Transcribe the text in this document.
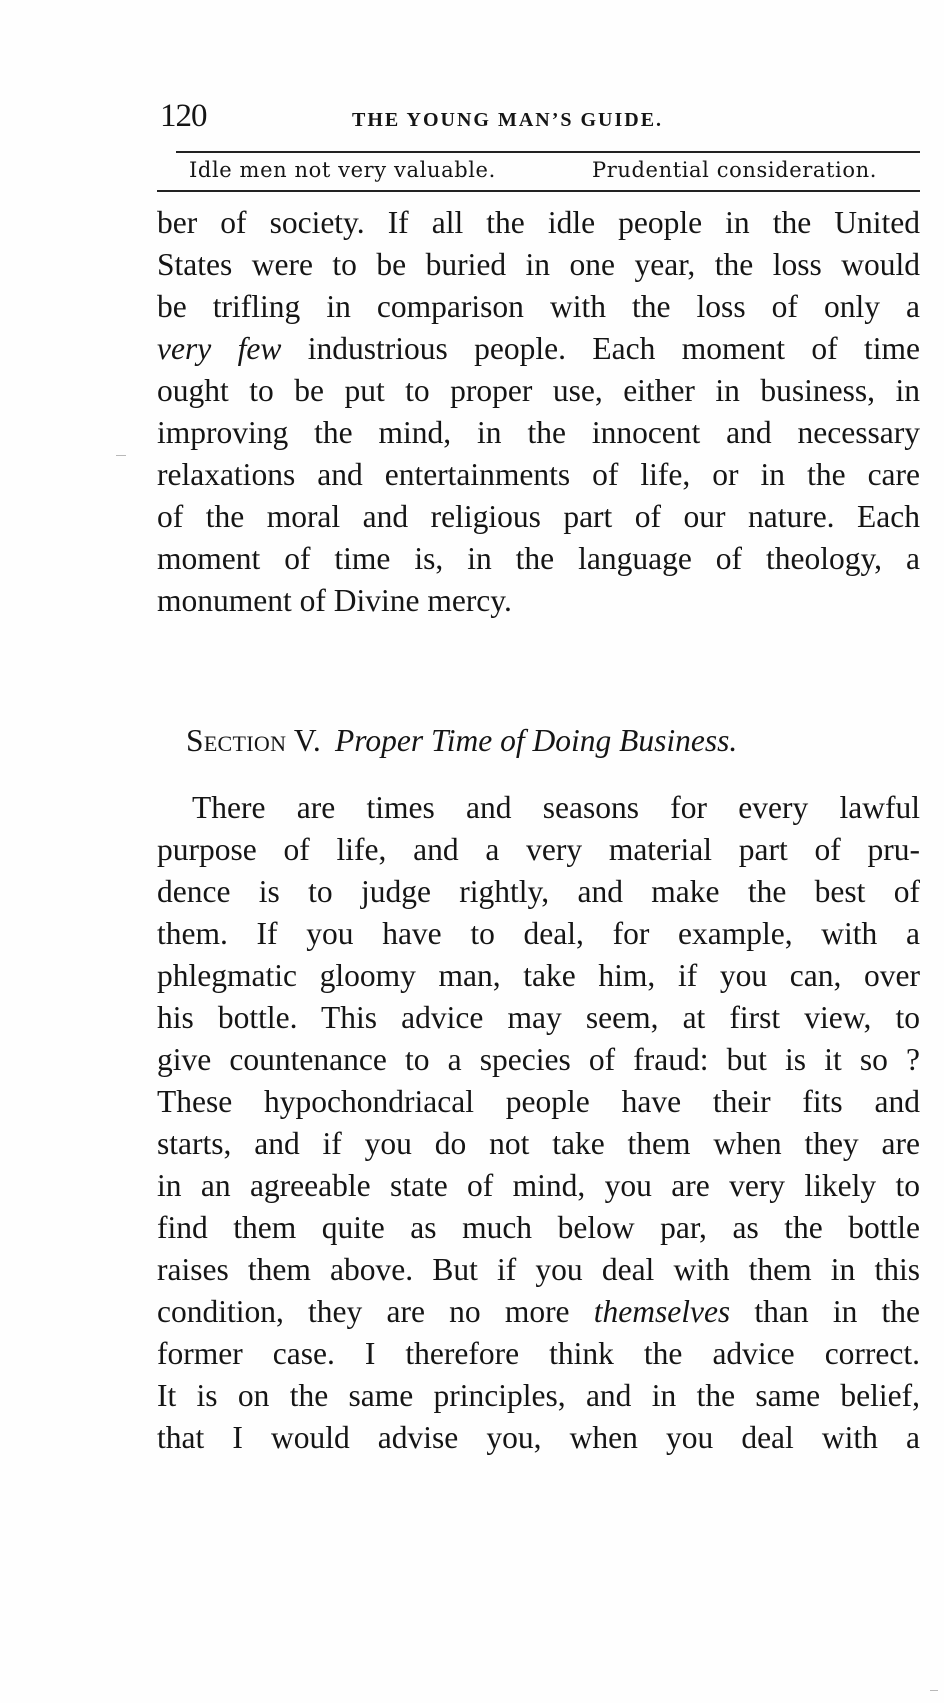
120	THE YOUNG MAN’S GUIDE.
Idle men not very valuable.	Prudential consideration.
ber of society. If all the idle people in the United States were to be buried in one year, the loss would be trifling in comparison with the loss of only a very few industrious people. Each moment of time ought to be put to proper use, either in business, in improving the mind, in the innocent and necessary relaxations and entertainments of life, or in the care of the moral and religious part of our nature. Each moment of time is, in the language of theology, a monument of Divine mercy.
Section V. Proper Time of Doing Business.
There are times and seasons for every lawful
purpose of life, and a very material part of pru-
dence is to judge rightly, and make the best of
them. If you have to deal, for example, with a
phlegmatic gloomy man, take him, if you can, over
his bottle. This advice may seem, at first view, to
give countenance to a species of fraud: but is it so ?
These hypochondriacal people have their fits and
starts, and if you do not take them when they are
in an agreeable state of mind, you are very likely to
find them quite as much below par, as the bottle
raises them above. But if you deal with them in this
condition, they are no more themselves than in the
former case. I therefore think the advice correct.
It is on the same principles, and in the same belief,
that I would advise you, when you deal with a
